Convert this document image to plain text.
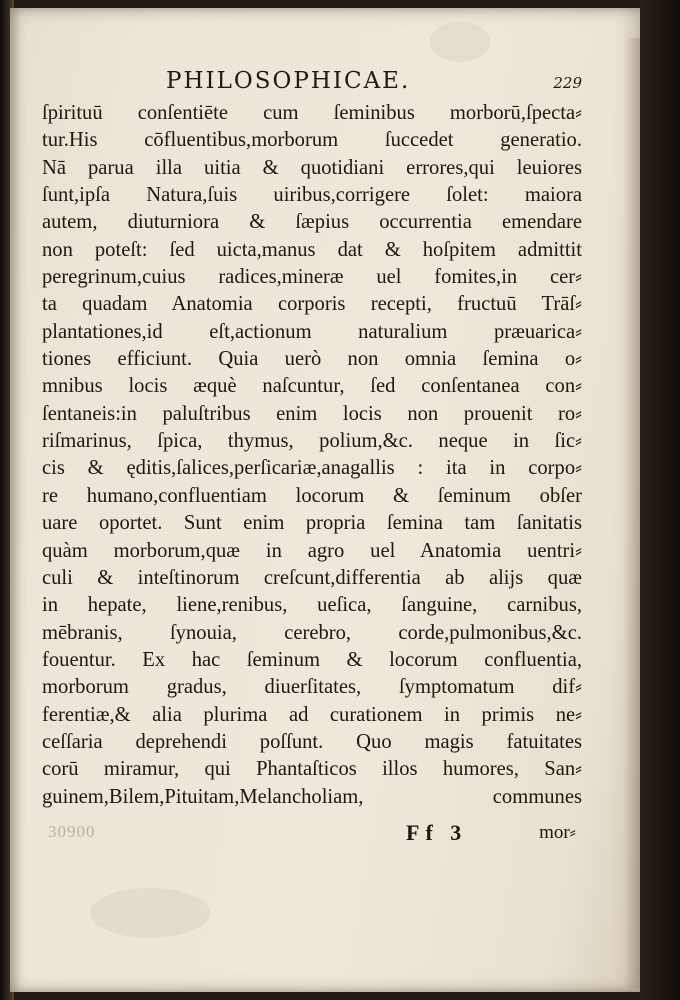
PHILOSOPHICAE.	229
ſpirituū conſentiēte cum ſeminibus morborū,ſpecta⸗
tur.His cōfluentibus,morborum ſuccedet generatio.
Nā parua illa uitia & quotidiani errores,qui leuiores
ſunt,ipſa Natura,ſuis uiribus,corrigere ſolet: maiora
autem, diuturniora & ſæpius occurrentia emendare
non poteſt: ſed uicta,manus dat & hoſpitem admittit
peregrinum,cuius radices,mineræ uel fomites,in cer⸗
ta quadam Anatomia corporis recepti, fructuū Trāſ⸗
plantationes,id eſt,actionum naturalium præuarica⸗
tiones efficiunt. Quia uerò non omnia ſemina o⸗
mnibus locis æquè naſcuntur, ſed conſentanea con⸗
ſentaneis:in paluſtribus enim locis non prouenit ro⸗
riſmarinus, ſpica, thymus, polium,&c. neque in ſic⸗
cis & ęditis,ſalices,perſicariæ,anagallis : ita in corpo⸗
re humano,confluentiam locorum & ſeminum obſer
uare oportet. Sunt enim propria ſemina tam ſanitatis
quàm morborum,quæ in agro uel Anatomia uentri⸗
culi & inteſtinorum creſcunt,differentia ab alijs quæ
in hepate, liene,renibus, ueſica, ſanguine, carnibus,
mēbranis, ſynouia, cerebro, corde,pulmonibus,&c.
fouentur. Ex hac ſeminum & locorum confluentia,
morborum gradus, diuerſitates, ſymptomatum dif⸗
ferentiæ,& alia plurima ad curationem in primis ne⸗
ceſſaria deprehendi poſſunt. Quo magis fatuitates
corū miramur, qui Phantaſticos illos humores, San⸗
guinem,Bilem,Pituitam,Melancholiam, communes
30900	Ff 3	mor⸗
